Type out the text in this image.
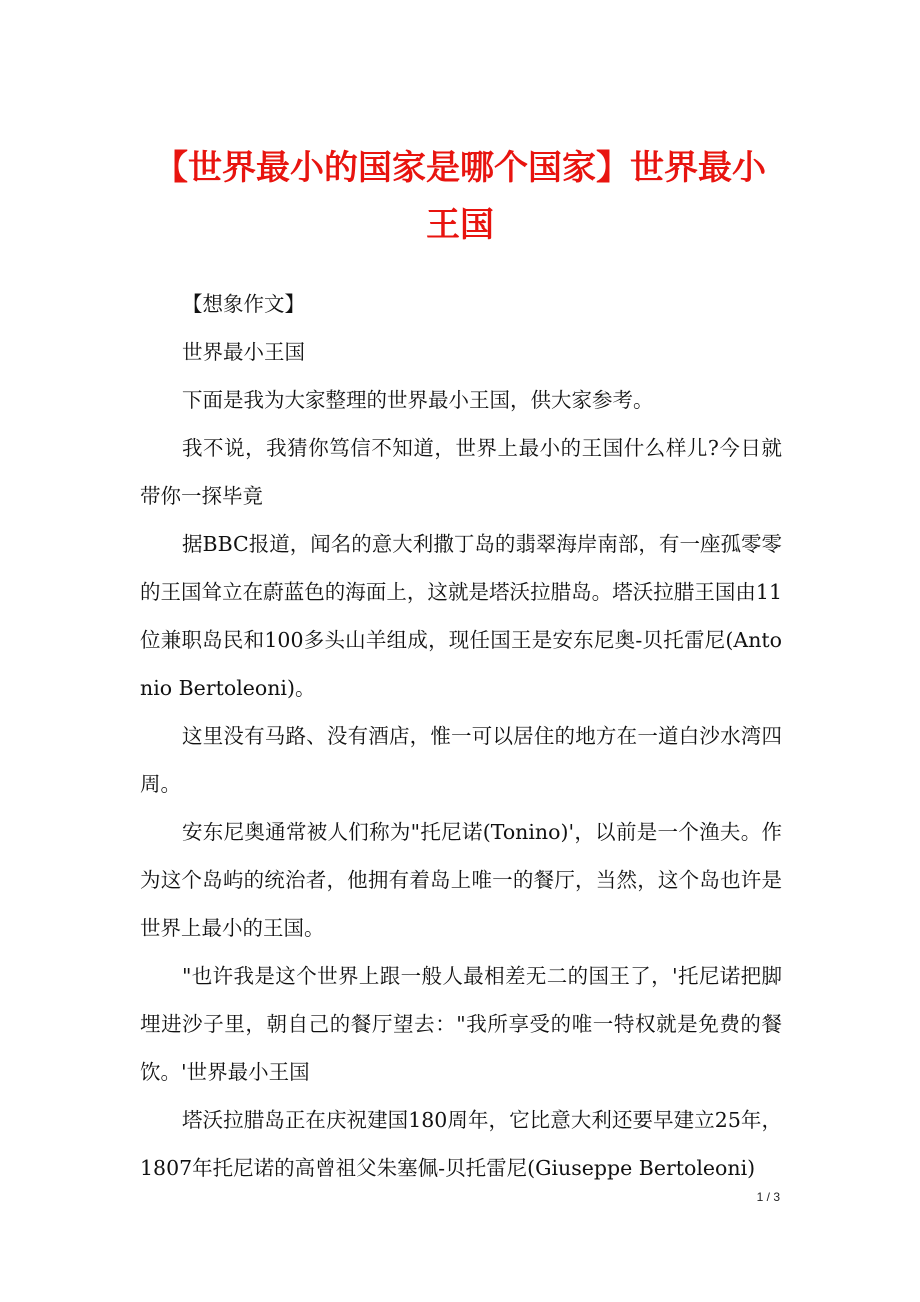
【世界最小的国家是哪个国家】世界最小王国

【想象作文】

世界最小王国

下面是我为大家整理的世界最小王国，供大家参考。

我不说，我猜你笃信不知道，世界上最小的王国什么样儿?今日就带你一探毕竟

据BBC报道，闻名的意大利撒丁岛的翡翠海岸南部，有一座孤零零的王国耸立在蔚蓝色的海面上，这就是塔沃拉腊岛。塔沃拉腊王国由11位兼职岛民和100多头山羊组成，现任国王是安东尼奥-贝托雷尼(Antonio Bertoleoni)。

这里没有马路、没有酒店，惟一可以居住的地方在一道白沙水湾四周。

安东尼奥通常被人们称为"托尼诺(Tonino)'，以前是一个渔夫。作为这个岛屿的统治者，他拥有着岛上唯一的餐厅，当然，这个岛也许是世界上最小的王国。

"也许我是这个世界上跟一般人最相差无二的国王了，'托尼诺把脚埋进沙子里，朝自己的餐厅望去："我所享受的唯一特权就是免费的餐饮。'世界最小王国

塔沃拉腊岛正在庆祝建国180周年，它比意大利还要早建立25年，1807年托尼诺的高曾祖父朱塞佩-贝托雷尼(Giuseppe Bertoleoni)

1 / 3
